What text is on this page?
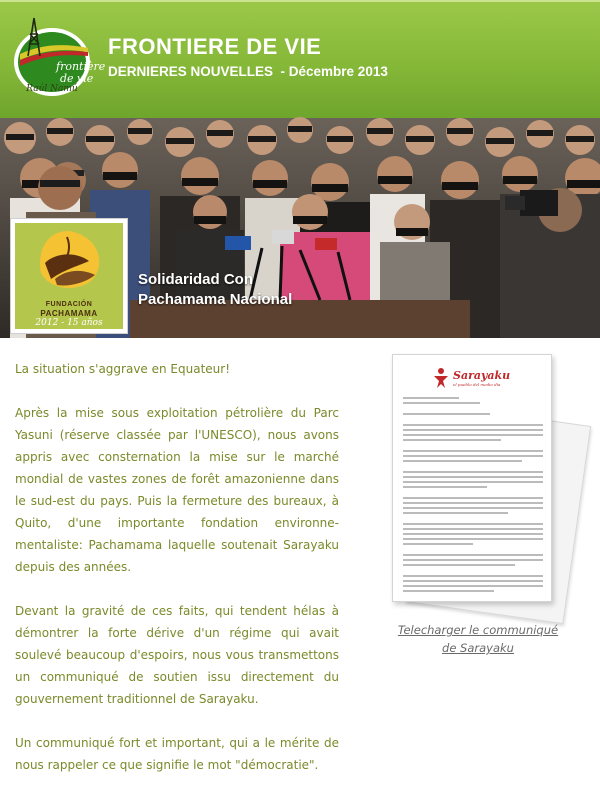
frontière
de vie
Raúl Namú
FRONTIERE DE VIE
DERNIERES NOUVELLES  - Décembre 2013
FUNDACIÓN
PACHAMAMA
2012 - 15 años
Solidaridad Con
Pachamama Nacional

La situation s'aggrave en Equateur!

Après la mise sous exploitation pétrolière du Parc Yasuni (réserve classée par l'UNESCO), nous avons appris avec consternation la mise sur le marché mondial de vastes zones de forêt amazonienne dans le sud-est du pays. Puis la fermeture des bureaux, à Quito, d'une importante fondation environne-mentaliste: Pachamama laquelle soutenait Sarayaku depuis des années.

Devant la gravité de ces faits, qui tendent hélas à démontrer la forte dérive d'un régime qui avait soulevé beaucoup d'espoirs, nous vous transmettons un communiqué de soutien issu directement du gouvernement traditionnel de Sarayaku.

Un communiqué fort et important, qui a le mérite de nous rappeler ce que signifie le mot "démocratie".

Sarayaku
el pueblo del medio día
Telecharger le communiqué
de Sarayaku
